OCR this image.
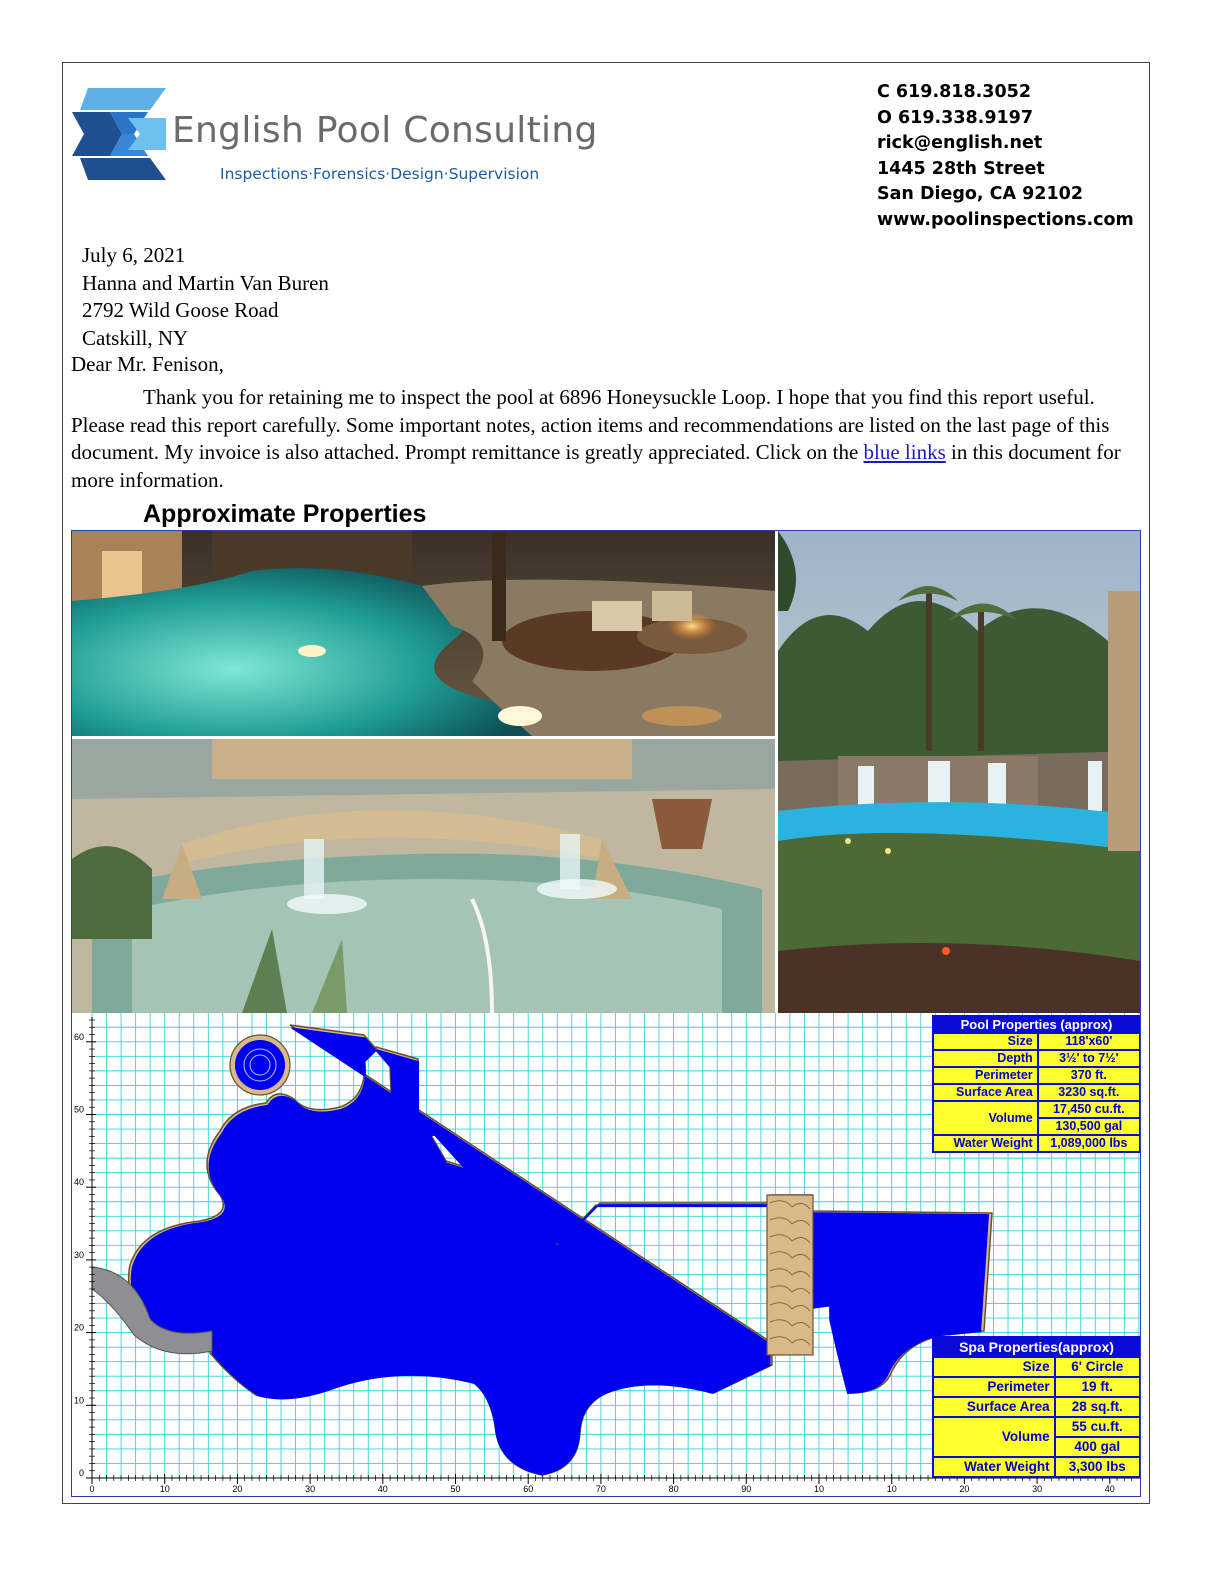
English Pool Consulting
Inspections·Forensics·Design·Supervision
C 619.818.3052
O 619.338.9197
rick@english.net
1445 28th Street
San Diego, CA 92102
www.poolinspections.com
July 6, 2021
Hanna and Martin Van Buren
2792 Wild Goose Road
Catskill, NY
Dear Mr. Fenison,

Thank you for retaining me to inspect the pool at 6896 Honeysuckle Loop. I hope that you find this report useful. Please read this report carefully. Some important notes, action items and recommendations are listed on the last page of this document. My invoice is also attached. Prompt remittance is greatly appreciated. Click on the blue links in this document for more information.

Approximate Properties
0
10
20
30
40
50
60
0	10	20	30	40	50	60	70	80	90	10	10	20	30	40
Pool Properties (approx)	
Size	118'x60'
Depth	3½' to 7½'
Perimeter	370 ft.
Surface Area	3230 sq.ft.
Volume	17,450 cu.ft.
	130,500 gal
Water Weight	1,089,000 lbs
Spa Properties(approx)	
Size	6' Circle
Perimeter	19 ft.
Surface Area	28 sq.ft.
Volume	55 cu.ft.
	400 gal
Water Weight	3,300 lbs
